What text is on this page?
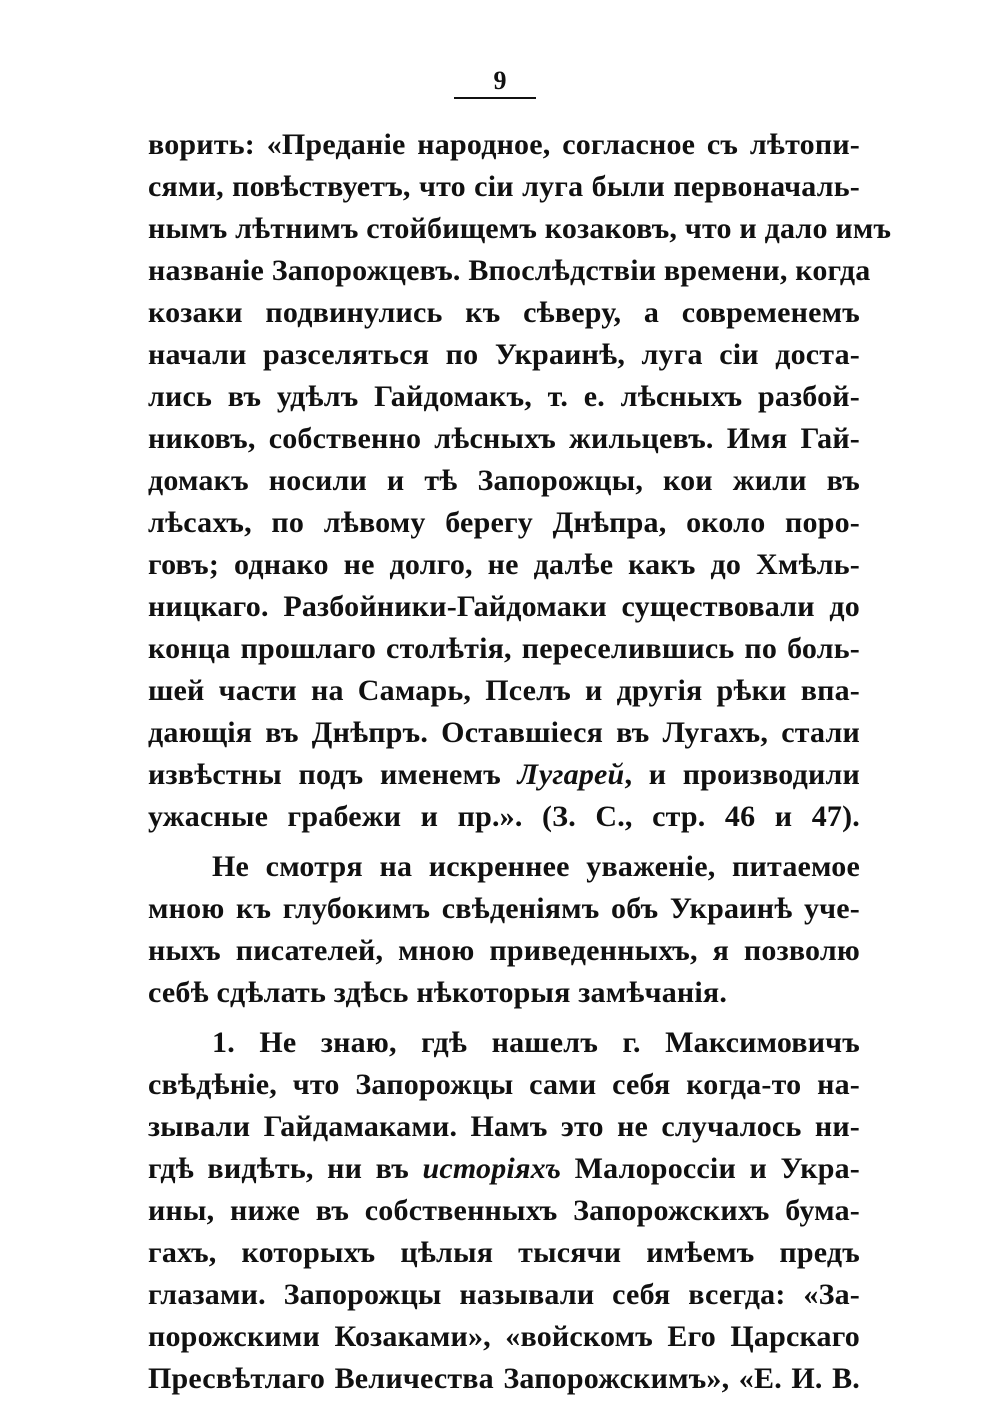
9
ворить: «Преданіе народное, согласное съ лѣтопи-
сями, повѣствуетъ, что сіи луга были первоначаль-
нымъ лѣтнимъ стойбищемъ козаковъ, что и дало имъ
названіе Запорожцевъ. Впослѣдствіи времени, когда
козаки подвинулись къ сѣверу, а современемъ
начали разселяться по Украинѣ, луга сіи доста-
лись въ удѣлъ Гайдомакъ, т. е. лѣсныхъ разбой-
никовъ, собственно лѣсныхъ жильцевъ. Имя Гай-
домакъ носили и тѣ Запорожцы, кои жили въ
лѣсахъ, по лѣвому берегу Днѣпра, около поро-
говъ; однако не долго, не далѣе какъ до Хмѣль-
ницкаго. Разбойники-Гайдомаки существовали до
конца прошлаго столѣтія, переселившись по боль-
шей части на Самарь, Пселъ и другія рѣки впа-
дающія въ Днѣпръ. Оставшіеся въ Лугахъ, стали
извѣстны подъ именемъ Лугарей, и производили
ужасные грабежи и пр.». (З. С., стр. 46 и 47).
Не смотря на искреннее уваженіе, питаемое
мною къ глубокимъ свѣденіямъ объ Украинѣ уче-
ныхъ писателей, мною приведенныхъ, я позволю
себѣ сдѣлать здѣсь нѣкоторыя замѣчанія.
1. Не знаю, гдѣ нашелъ г. Максимовичъ
свѣдѣніе, что Запорожцы сами себя когда-то на-
зывали Гайдамаками. Намъ это не случалось ни-
гдѣ видѣть, ни въ исторіяхъ Малороссіи и Укра-
ины, ниже въ собственныхъ Запорожскихъ бума-
гахъ, которыхъ цѣлыя тысячи имѣемъ предъ
глазами. Запорожцы называли себя всегда: «За-
порожскими Козаками», «войскомъ Его Царскаго
Пресвѣтлаго Величества Запорожскимъ», «Е. И. В.
